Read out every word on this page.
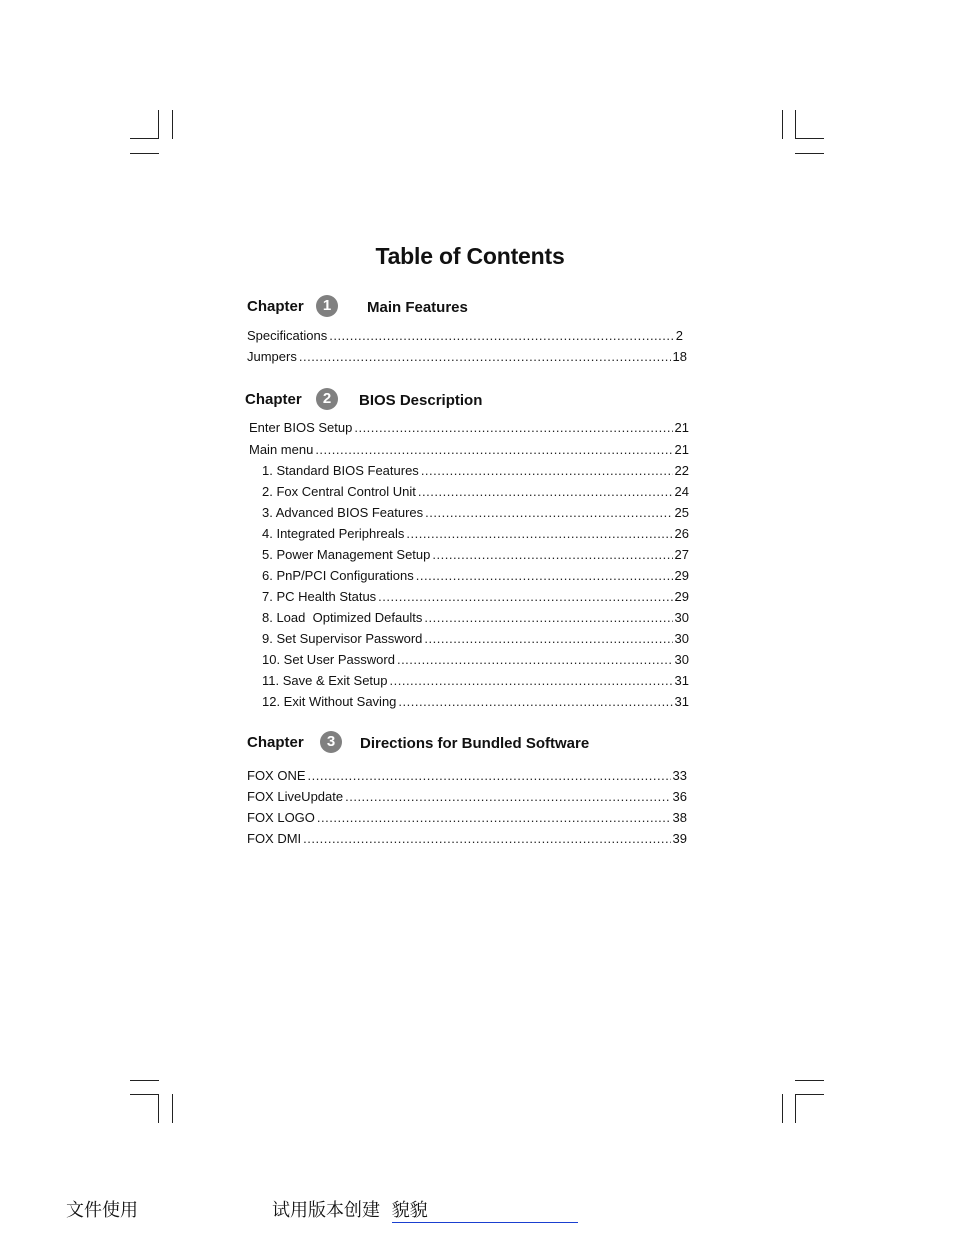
Table of Contents
Chapter	1	Main Features
Specifications .....	2
Jumpers .....	18
Chapter	2	BIOS Description
Enter BIOS Setup .....	21
Main menu .....	21
1. Standard BIOS Features .....	22
2. Fox Central Control Unit .....	24
3. Advanced BIOS Features .....	25
4. Integrated Periphreals .....	26
5. Power Management Setup .....	27
6. PnP/PCI Configurations .....	29
7. PC Health Status .....	29
8. Load  Optimized Defaults .....	30
9. Set Supervisor Password .....	30
10. Set User Password .....	30
11. Save & Exit Setup .....	31
12. Exit Without Saving .....	31
Chapter	3	Directions for Bundled Software
FOX ONE .....	33
FOX LiveUpdate .....	36
FOX LOGO .....	38
FOX DMI .....	39
文件使用	试用版本创建 貌貌
